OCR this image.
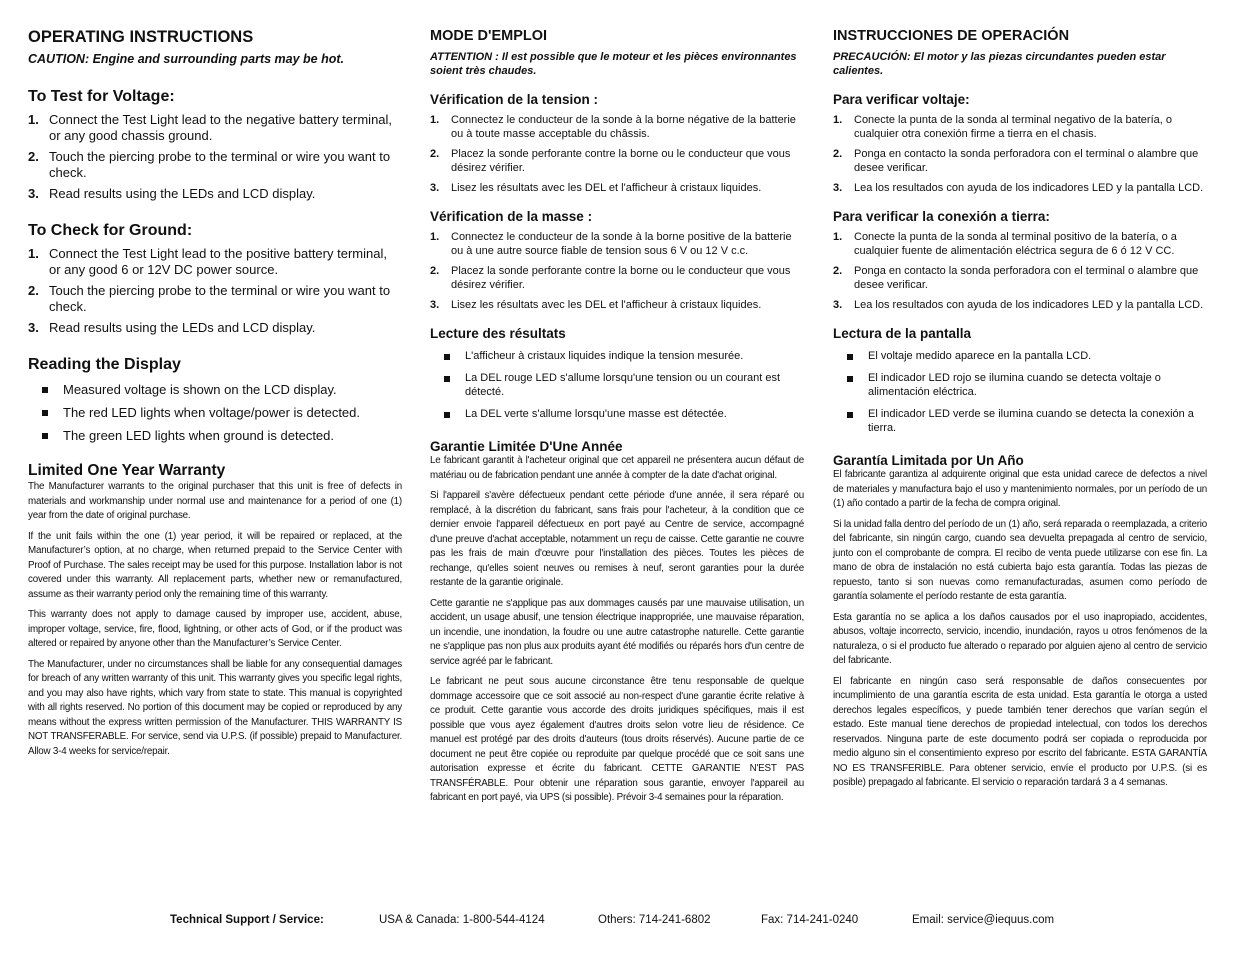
OPERATING INSTRUCTIONS

CAUTION: Engine and surrounding parts may be hot.

To Test for Voltage:
1. Connect the Test Light lead to the negative battery terminal, or any good chassis ground.
2. Touch the piercing probe to the terminal or wire you want to check.
3. Read results using the LEDs and LCD display.
To Check for Ground:
1. Connect the Test Light lead to the positive battery terminal, or any good 6 or 12V DC power source.
2. Touch the piercing probe to the terminal or wire you want to check.
3. Read results using the LEDs and LCD display.
Reading the Display
Measured voltage is shown on the LCD display.
The red LED lights when voltage/power is detected.
The green LED lights when ground is detected.
Limited One Year Warranty

The Manufacturer warrants to the original purchaser that this unit is free of defects in materials and workmanship under normal use and maintenance for a period of one (1) year from the date of original purchase.

If the unit fails within the one (1) year period, it will be repaired or replaced, at the Manufacturer’s option, at no charge, when returned prepaid to the Service Center with Proof of Purchase. The sales receipt may be used for this purpose. Installation labor is not covered under this warranty. All replacement parts, whether new or remanufactured, assume as their warranty period only the remaining time of this warranty.

This warranty does not apply to damage caused by improper use, accident, abuse, improper voltage, service, fire, flood, lightning, or other acts of God, or if the product was altered or repaired by anyone other than the Manufacturer’s Service Center.

The Manufacturer, under no circumstances shall be liable for any consequential damages for breach of any written warranty of this unit. This warranty gives you specific legal rights, and you may also have rights, which vary from state to state. This manual is copyrighted with all rights reserved. No portion of this document may be copied or reproduced by any means without the express written permission of the Manufacturer. THIS WARRANTY IS NOT TRANSFERABLE. For service, send via U.P.S. (if possible) prepaid to Manufacturer. Allow 3-4 weeks for service/repair.

MODE D'EMPLOI

ATTENTION : Il est possible que le moteur et les pièces environnantes soient très chaudes.

Vérification de la tension :
1. Connectez le conducteur de la sonde à la borne négative de la batterie ou à toute masse acceptable du châssis.
2. Placez la sonde perforante contre la borne ou le conducteur que vous désirez vérifier.
3. Lisez les résultats avec les DEL et l'afficheur à cristaux liquides.
Vérification de la masse :
1. Connectez le conducteur de la sonde à la borne positive de la batterie ou à une autre source fiable de tension sous 6 V ou 12 V c.c.
2. Placez la sonde perforante contre la borne ou le conducteur que vous désirez vérifier.
3. Lisez les résultats avec les DEL et l'afficheur à cristaux liquides.
Lecture des résultats
L'afficheur à cristaux liquides indique la tension mesurée.
La DEL rouge LED s'allume lorsqu'une tension ou un courant est détecté.
La DEL verte s'allume lorsqu'une masse est détectée.
Garantie Limitée D'Une Année

Le fabricant garantit à l'acheteur original que cet appareil ne présentera aucun défaut de matériau ou de fabrication pendant une année à compter de la date d'achat original.

Si l'appareil s'avère défectueux pendant cette période d'une année, il sera réparé ou remplacé, à la discrétion du fabricant, sans frais pour l'acheteur, à la condition que ce dernier envoie l'appareil défectueux en port payé au Centre de service, accompagné d'une preuve d'achat acceptable, notamment un reçu de caisse. Cette garantie ne couvre pas les frais de main d'œuvre pour l'installation des pièces. Toutes les pièces de rechange, qu'elles soient neuves ou remises à neuf, seront garanties pour la durée restante de la garantie originale.

Cette garantie ne s'applique pas aux dommages causés par une mauvaise utilisation, un accident, un usage abusif, une tension électrique inappropriée, une mauvaise réparation, un incendie, une inondation, la foudre ou une autre catastrophe naturelle. Cette garantie ne s'applique pas non plus aux produits ayant été modifiés ou réparés hors d'un centre de service agréé par le fabricant.

Le fabricant ne peut sous aucune circonstance être tenu responsable de quelque dommage accessoire que ce soit associé au non-respect d'une garantie écrite relative à ce produit. Cette garantie vous accorde des droits juridiques spécifiques, mais il est possible que vous ayez également d'autres droits selon votre lieu de résidence. Ce manuel est protégé par des droits d'auteurs (tous droits réservés). Aucune partie de ce document ne peut être copiée ou reproduite par quelque procédé que ce soit sans une autorisation expresse et écrite du fabricant. CETTE GARANTIE N'EST PAS TRANSFÉRABLE. Pour obtenir une réparation sous garantie, envoyer l'appareil au fabricant en port payé, via UPS (si possible). Prévoir 3-4 semaines pour la réparation.

INSTRUCCIONES DE OPERACIÓN

PRECAUCIÓN: El motor y las piezas circundantes pueden estar calientes.

Para verificar voltaje:
1. Conecte la punta de la sonda al terminal negativo de la batería, o cualquier otra conexión firme a tierra en el chasis.
2. Ponga en contacto la sonda perforadora con el terminal o alambre que desee verificar.
3. Lea los resultados con ayuda de los indicadores LED y la pantalla LCD.
Para verificar la conexión a tierra:
1. Conecte la punta de la sonda al terminal positivo de la batería, o a cualquier fuente de alimentación eléctrica segura de 6 ó 12 V CC.
2. Ponga en contacto la sonda perforadora con el terminal o alambre que desee verificar.
3. Lea los resultados con ayuda de los indicadores LED y la pantalla LCD.
Lectura de la pantalla
El voltaje medido aparece en la pantalla LCD.
El indicador LED rojo se ilumina cuando se detecta voltaje o alimentación eléctrica.
El indicador LED verde se ilumina cuando se detecta la conexión a tierra.
Garantía Limitada por Un Año

El fabricante garantiza al adquirente original que esta unidad carece de defectos a nivel de materiales y manufactura bajo el uso y mantenimiento normales, por un período de un (1) año contado a partir de la fecha de compra original.

Si la unidad falla dentro del período de un (1) año, será reparada o reemplazada, a criterio del fabricante, sin ningún cargo, cuando sea devuelta prepagada al centro de servicio, junto con el comprobante de compra. El recibo de venta puede utilizarse con ese fin. La mano de obra de instalación no está cubierta bajo esta garantía. Todas las piezas de repuesto, tanto si son nuevas como remanufacturadas, asumen como período de garantía solamente el período restante de esta garantía.

Esta garantía no se aplica a los daños causados por el uso inapropiado, accidentes, abusos, voltaje incorrecto, servicio, incendio, inundación, rayos u otros fenómenos de la naturaleza, o si el producto fue alterado o reparado por alguien ajeno al centro de servicio del fabricante.

El fabricante en ningún caso será responsable de daños consecuentes por incumplimiento de una garantía escrita de esta unidad. Esta garantía le otorga a usted derechos legales específicos, y puede también tener derechos que varían según el estado. Este manual tiene derechos de propiedad intelectual, con todos los derechos reservados. Ninguna parte de este documento podrá ser copiada o reproducida por medio alguno sin el consentimiento expreso por escrito del fabricante. ESTA GARANTÍA NO ES TRANSFERIBLE. Para obtener servicio, envíe el producto por U.P.S. (si es posible) prepagado al fabricante. El servicio o reparación tardará 3 a 4 semanas.

Technical Support / Service:	USA & Canada: 1-800-544-4124	Others: 714-241-6802	Fax: 714-241-0240	Email: service@iequus.com
